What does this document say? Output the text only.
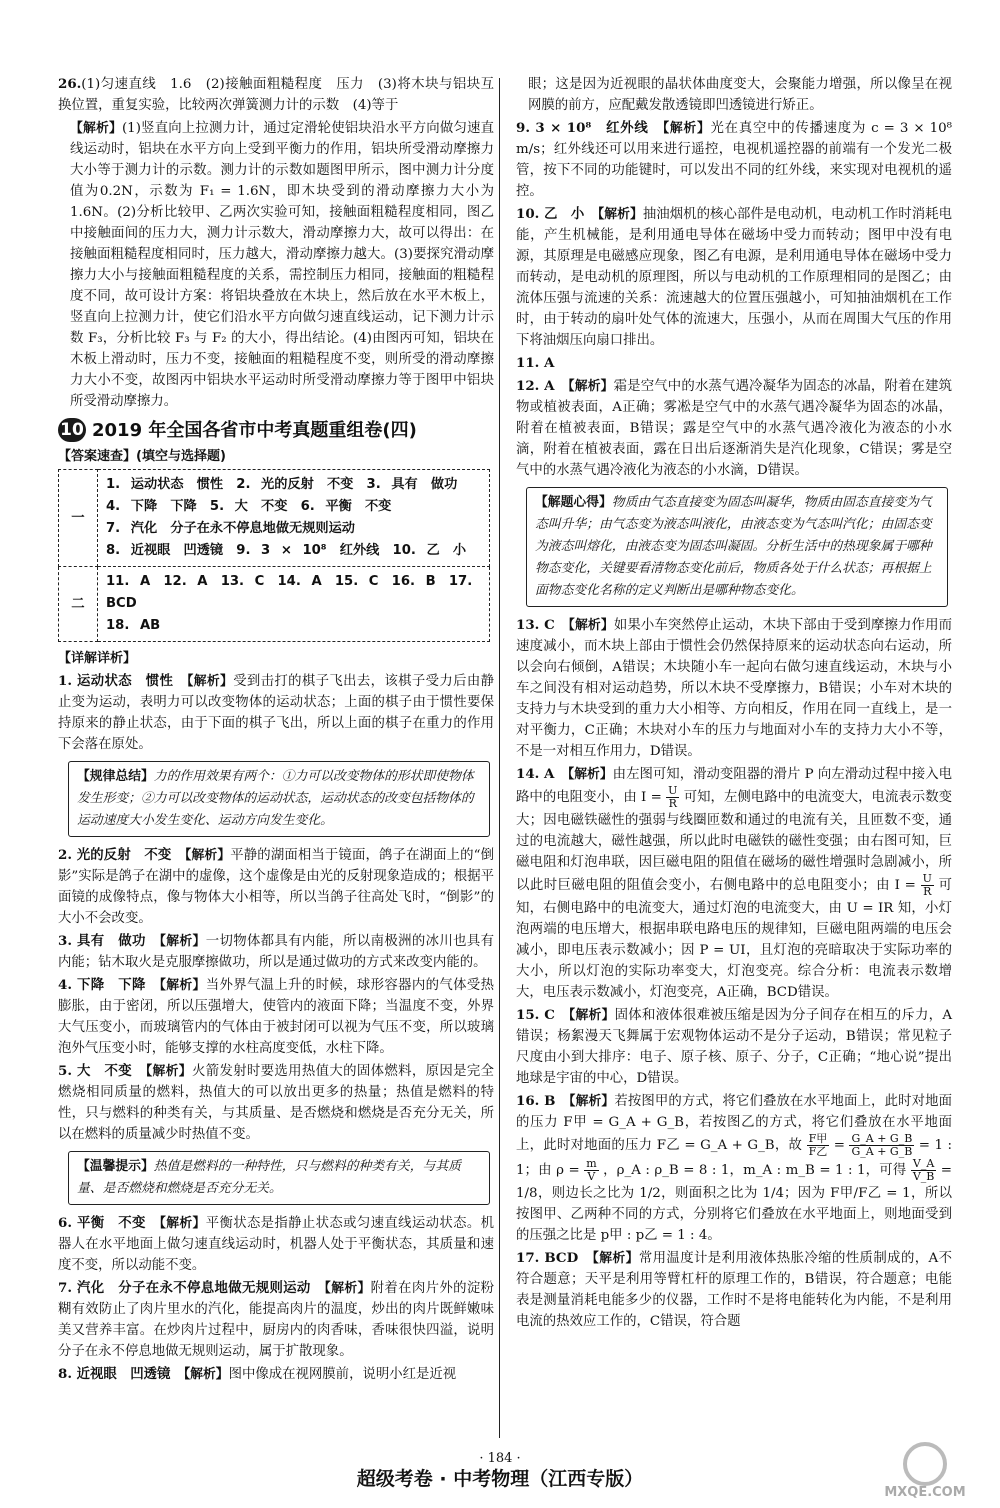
26.(1)匀速直线　1.6　(2)接触面粗糙程度　压力　(3)将木块与铝块互换位置，重复实验，比较两次弹簧测力计的示数　(4)等于

【解析】(1)竖直向上拉测力计，通过定滑轮使铝块沿水平方向做匀速直线运动时，铝块在水平方向上受到平衡力的作用，铝块所受滑动摩擦力大小等于测力计的示数。测力计的示数如题图甲所示，图中测力计分度值为0.2N，示数为 F₁ = 1.6N，即木块受到的滑动摩擦力大小为1.6N。(2)分析比较甲、乙两次实验可知，接触面粗糙程度相同，图乙中接触面间的压力大，测力计示数大，滑动摩擦力大，故可以得出：在接触面粗糙程度相同时，压力越大，滑动摩擦力越大。(3)要探究滑动摩擦力大小与接触面粗糙程度的关系，需控制压力相同，接触面的粗糙程度不同，故可设计方案：将铝块叠放在木块上，然后放在水平木板上，竖直向上拉测力计，使它们沿水平方向做匀速直线运动，记下测力计示数 F₃，分析比较 F₃ 与 F₂ 的大小，得出结论。(4)由图丙可知，铝块在木板上滑动时，压力不变，接触面的粗糙程度不变，则所受的滑动摩擦力大小不变，故图丙中铝块水平运动时所受滑动摩擦力等于图甲中铝块所受滑动摩擦力。

10 2019 年全国各省市中考真题重组卷(四)
【答案速查】(填空与选择题)
一	1. 运动状态　惯性　2. 光的反射　不变　3. 具有　做功
4. 下降　下降　5. 大　不变　6. 平衡　不变
7. 汽化　分子在永不停息地做无规则运动
8. 近视眼　凹透镜　9. 3 × 10⁸　红外线　10. 乙　小

二	11. A　12. A　13. C　14. A　15. C　16. B　17. BCD
18. AB
【详解详析】

1. 运动状态　惯性　 【解析】受到击打的棋子飞出去，该棋子受力后由静止变为运动，表明力可以改变物体的运动状态；上面的棋子由于惯性要保持原来的静止状态，由于下面的棋子飞出，所以上面的棋子在重力的作用下会落在原处。

【规律总结】力的作用效果有两个：①力可以改变物体的形状即使物体发生形变；②力可以改变物体的运动状态，运动状态的改变包括物体的运动速度大小发生变化、运动方向发生变化。

2. 光的反射　不变　 【解析】平静的湖面相当于镜面，鸽子在湖面上的“倒影”实际是鸽子在湖中的虚像，这个虚像是由光的反射现象造成的；根据平面镜的成像特点，像与物体大小相等，所以当鸽子往高处飞时，“倒影”的大小不会改变。

3. 具有　做功　 【解析】一切物体都具有内能，所以南极洲的冰川也具有内能；钻木取火是克服摩擦做功，所以是通过做功的方式来改变内能的。

4. 下降　下降　 【解析】当外界气温上升的时候，球形容器内的气体受热膨胀，由于密闭，所以压强增大，使管内的液面下降；当温度不变，外界大气压变小，而玻璃管内的气体由于被封闭可以视为气压不变，所以玻璃泡外气压变小时，能够支撑的水柱高度变低，水柱下降。

5. 大　不变　 【解析】火箭发射时要选用热值大的固体燃料，原因是完全燃烧相同质量的燃料，热值大的可以放出更多的热量；热值是燃料的特性，只与燃料的种类有关，与其质量、是否燃烧和燃烧是否充分无关，所以在燃料的质量减少时热值不变。

【温馨提示】热值是燃料的一种特性，只与燃料的种类有关，与其质量、是否燃烧和燃烧是否充分无关。

6. 平衡　不变　 【解析】平衡状态是指静止状态或匀速直线运动状态。机器人在水平地面上做匀速直线运动时，机器人处于平衡状态，其质量和速度不变，所以动能不变。

7. 汽化　分子在永不停息地做无规则运动　 【解析】附着在肉片外的淀粉糊有效防止了肉片里水的汽化，能提高肉片的温度，炒出的肉片既鲜嫩味美又营养丰富。在炒肉片过程中，厨房内的肉香味，香味很快四溢，说明分子在永不停息地做无规则运动，属于扩散现象。

8. 近视眼　凹透镜　 【解析】图中像成在视网膜前，说明小红是近视

眼；这是因为近视眼的晶状体曲度变大，会聚能力增强，所以像呈在视网膜的前方，应配戴发散透镜即凹透镜进行矫正。

9. 3 × 10⁸　红外线　 【解析】光在真空中的传播速度为 c = 3 × 10⁸ m/s；红外线还可以用来进行遥控，电视机遥控器的前端有一个发光二极管，按下不同的功能键时，可以发出不同的红外线，来实现对电视机的遥控。

10. 乙　小　 【解析】抽油烟机的核心部件是电动机，电动机工作时消耗电能，产生机械能，是利用通电导体在磁场中受力而转动；图甲中没有电源，其原理是电磁感应现象，图乙有电源，是利用通电导体在磁场中受力而转动，是电动机的原理图，所以与电动机的工作原理相同的是图乙；由流体压强与流速的关系：流速越大的位置压强越小，可知抽油烟机在工作时，由于转动的扇叶处气体的流速大，压强小，从而在周围大气压的作用下将油烟压向扇口排出。

11. A

12. A　 【解析】霜是空气中的水蒸气遇冷凝华为固态的冰晶，附着在建筑物或植被表面，A正确；雾凇是空气中的水蒸气遇冷凝华为固态的冰晶，附着在植被表面，B错误；露是空气中的水蒸气遇冷液化为液态的小水滴，附着在植被表面，露在日出后逐渐消失是汽化现象，C错误；雾是空气中的水蒸气遇冷液化为液态的小水滴，D错误。

【解题心得】物质由气态直接变为固态叫凝华，物质由固态直接变为气态叫升华；由气态变为液态叫液化，由液态变为气态叫汽化；由固态变为液态叫熔化，由液态变为固态叫凝固。分析生活中的热现象属于哪种物态变化，关键要看清物态变化前后，物质各处于什么状态；再根据上面物态变化名称的定义判断出是哪种物态变化。

13. C　 【解析】如果小车突然停止运动，木块下部由于受到摩擦力作用而速度减小，而木块上部由于惯性会仍然保持原来的运动状态向右运动，所以会向右倾倒，A错误；木块随小车一起向右做匀速直线运动，木块与小车之间没有相对运动趋势，所以木块不受摩擦力，B错误；小车对木块的支持力与木块受到的重力大小相等、方向相反，作用在同一直线上，是一对平衡力，C正确；木块对小车的压力与地面对小车的支持力大小不等，不是一对相互作用力，D错误。

14. A　 【解析】由左图可知，滑动变阻器的滑片 P 向左滑动过程中接入电路中的电阻变小，由 $I = \frac{U}{R}$ 可知，左侧电路中的电流变大，电流表示数变大；因电磁铁磁性的强弱与线圈匝数和通过的电流有关，且匝数不变，通过的电流越大，磁性越强，所以此时电磁铁的磁性变强；由右图可知，巨磁电阻和灯泡串联，因巨磁电阻的阻值在磁场的磁性增强时急剧减小，所以此时巨磁电阻的阻值会变小，右侧电路中的总电阻变小；由 $I = \frac{U}{R}$ 可知，右侧电路中的电流变大，通过灯泡的电流变大，由 U = IR 知，小灯泡两端的电压增大，根据串联电路电压的规律知，巨磁电阻两端的电压会减小，即电压表示数减小；因 P = UI，且灯泡的亮暗取决于实际功率的大小，所以灯泡的实际功率变大，灯泡变亮。综合分析：电流表示数增大，电压表示数减小，灯泡变亮，A正确，BCD错误。

15. C　 【解析】固体和液体很难被压缩是因为分子间存在相互的斥力，A错误；杨絮漫天飞舞属于宏观物体运动不是分子运动，B错误；常见粒子尺度由小到大排序：电子、原子核、原子、分子，C正确；“地心说”提出地球是宇宙的中心，D错误。

16. B　 【解析】若按图甲的方式，将它们叠放在水平地面上，此时对地面的压力 F甲 = G_A + G_B，若按图乙的方式，将它们叠放在水平地面上，此时对地面的压力 F乙 = G_A + G_B，故 $\frac{\text{F甲}}{\text{F乙}} = \frac{G\_A + G\_B}{G\_A + G\_B} = 1$ : 1；由 $\rho = \frac{m}{V}$ ，ρ_A : ρ_B = 8 : 1，m_A : m_B = 1 : 1，可得 $\frac{V\_A}{V\_B} = 1/8$，则边长之比为 1/2，则面积之比为 1/4；因为 F甲/F乙 = 1，所以按图甲、乙两种不同的方式，分别将它们叠放在水平地面上，则地面受到的压强之比是 p甲 : p乙 = 1 : 4。

17. BCD　 【解析】常用温度计是利用液体热胀冷缩的性质制成的，A不符合题意；天平是利用等臂杠杆的原理工作的，B错误，符合题意；电能表是测量消耗电能多少的仪器，工作时不是将电能转化为内能，不是利用电流的热效应工作的，C错误，符合题

· 184 ·
超级考卷 · 中考物理（江西专版）
MXQE.COM
